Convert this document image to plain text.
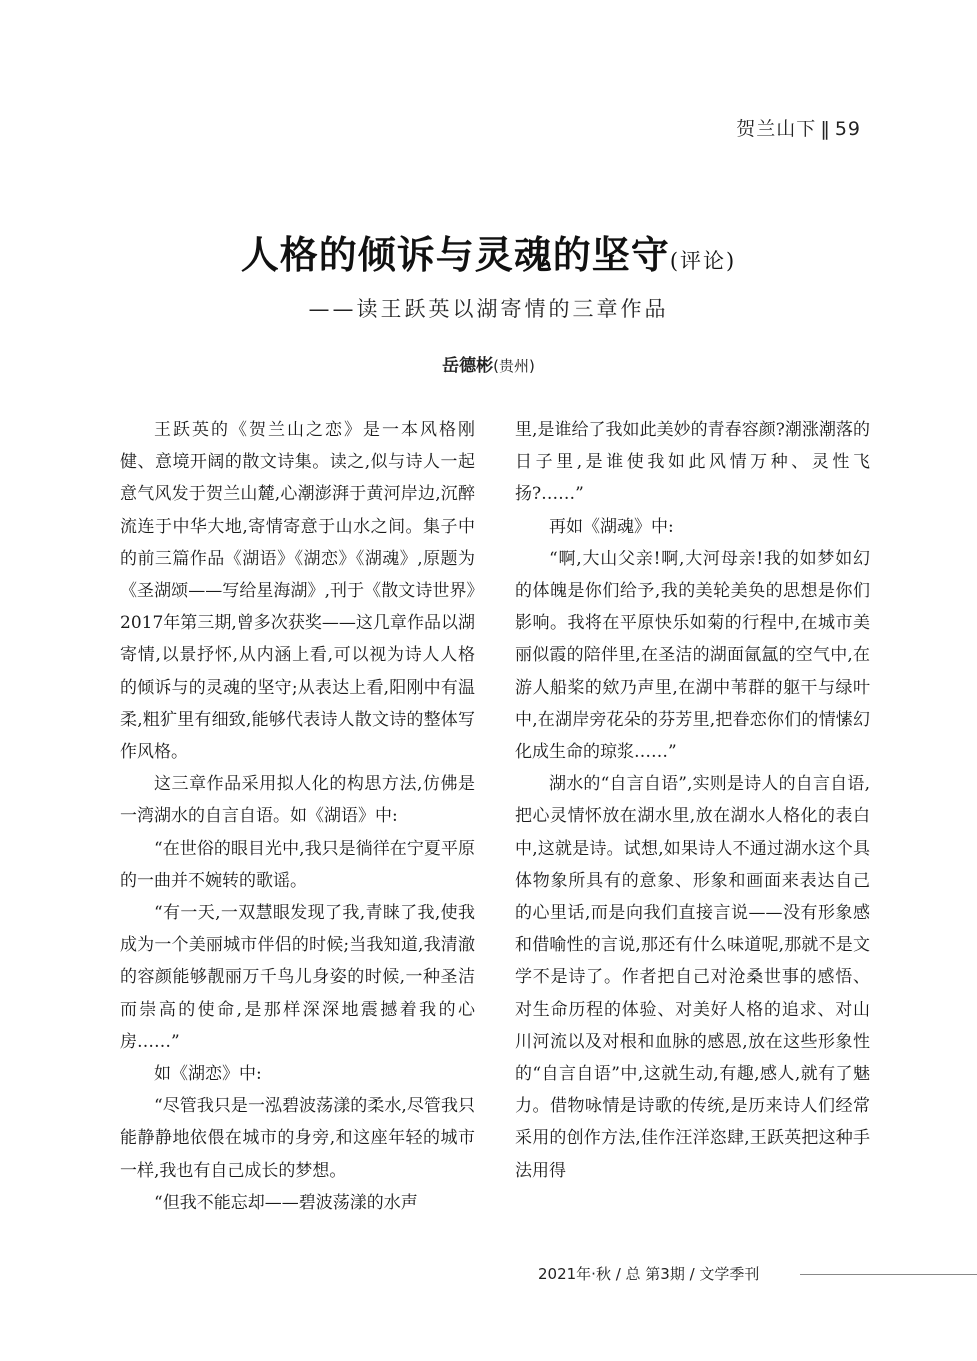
贺兰山下 ‖ 59
人格的倾诉与灵魂的坚守(评论)
——读王跃英以湖寄情的三章作品
岳德彬(贵州)

王跃英的《贺兰山之恋》是一本风格刚健、意境开阔的散文诗集。读之,似与诗人一起意气风发于贺兰山麓,心潮澎湃于黄河岸边,沉醉流连于中华大地,寄情寄意于山水之间。集子中的前三篇作品《湖语》《湖恋》《湖魂》,原题为《圣湖颂——写给星海湖》,刊于《散文诗世界》2017年第三期,曾多次获奖——这几章作品以湖寄情,以景抒怀,从内涵上看,可以视为诗人人格的倾诉与的灵魂的坚守;从表达上看,阳刚中有温柔,粗犷里有细致,能够代表诗人散文诗的整体写作风格。

这三章作品采用拟人化的构思方法,仿佛是一湾湖水的自言自语。如《湖语》中:

“在世俗的眼目光中,我只是徜徉在宁夏平原的一曲并不婉转的歌谣。

“有一天,一双慧眼发现了我,青睐了我,使我成为一个美丽城市伴侣的时候;当我知道,我清澈的容颜能够靓丽万千鸟儿身姿的时候,一种圣洁而崇高的使命,是那样深深地震撼着我的心房……”

如《湖恋》中:

“尽管我只是一泓碧波荡漾的柔水,尽管我只能静静地依偎在城市的身旁,和这座年轻的城市一样,我也有自己成长的梦想。

“但我不能忘却——碧波荡漾的水声

里,是谁给了我如此美妙的青春容颜?潮涨潮落的日子里,是谁使我如此风情万种、灵性飞扬?……”

再如《湖魂》中:

“啊,大山父亲!啊,大河母亲!我的如梦如幻的体魄是你们给予,我的美轮美奂的思想是你们影响。我将在平原快乐如菊的行程中,在城市美丽似霞的陪伴里,在圣洁的湖面氤氲的空气中,在游人船桨的欸乃声里,在湖中苇群的躯干与绿叶中,在湖岸旁花朵的芬芳里,把眷恋你们的情愫幻化成生命的琼浆……”

湖水的“自言自语”,实则是诗人的自言自语,把心灵情怀放在湖水里,放在湖水人格化的表白中,这就是诗。试想,如果诗人不通过湖水这个具体物象所具有的意象、形象和画面来表达自己的心里话,而是向我们直接言说——没有形象感和借喻性的言说,那还有什么味道呢,那就不是文学不是诗了。作者把自己对沧桑世事的感悟、对生命历程的体验、对美好人格的追求、对山川河流以及对根和血脉的感恩,放在这些形象性的“自言自语”中,这就生动,有趣,感人,就有了魅力。借物咏情是诗歌的传统,是历来诗人们经常采用的创作方法,佳作汪洋恣肆,王跃英把这种手法用得

2021年·秋 / 总 第3期 / 文学季刊
